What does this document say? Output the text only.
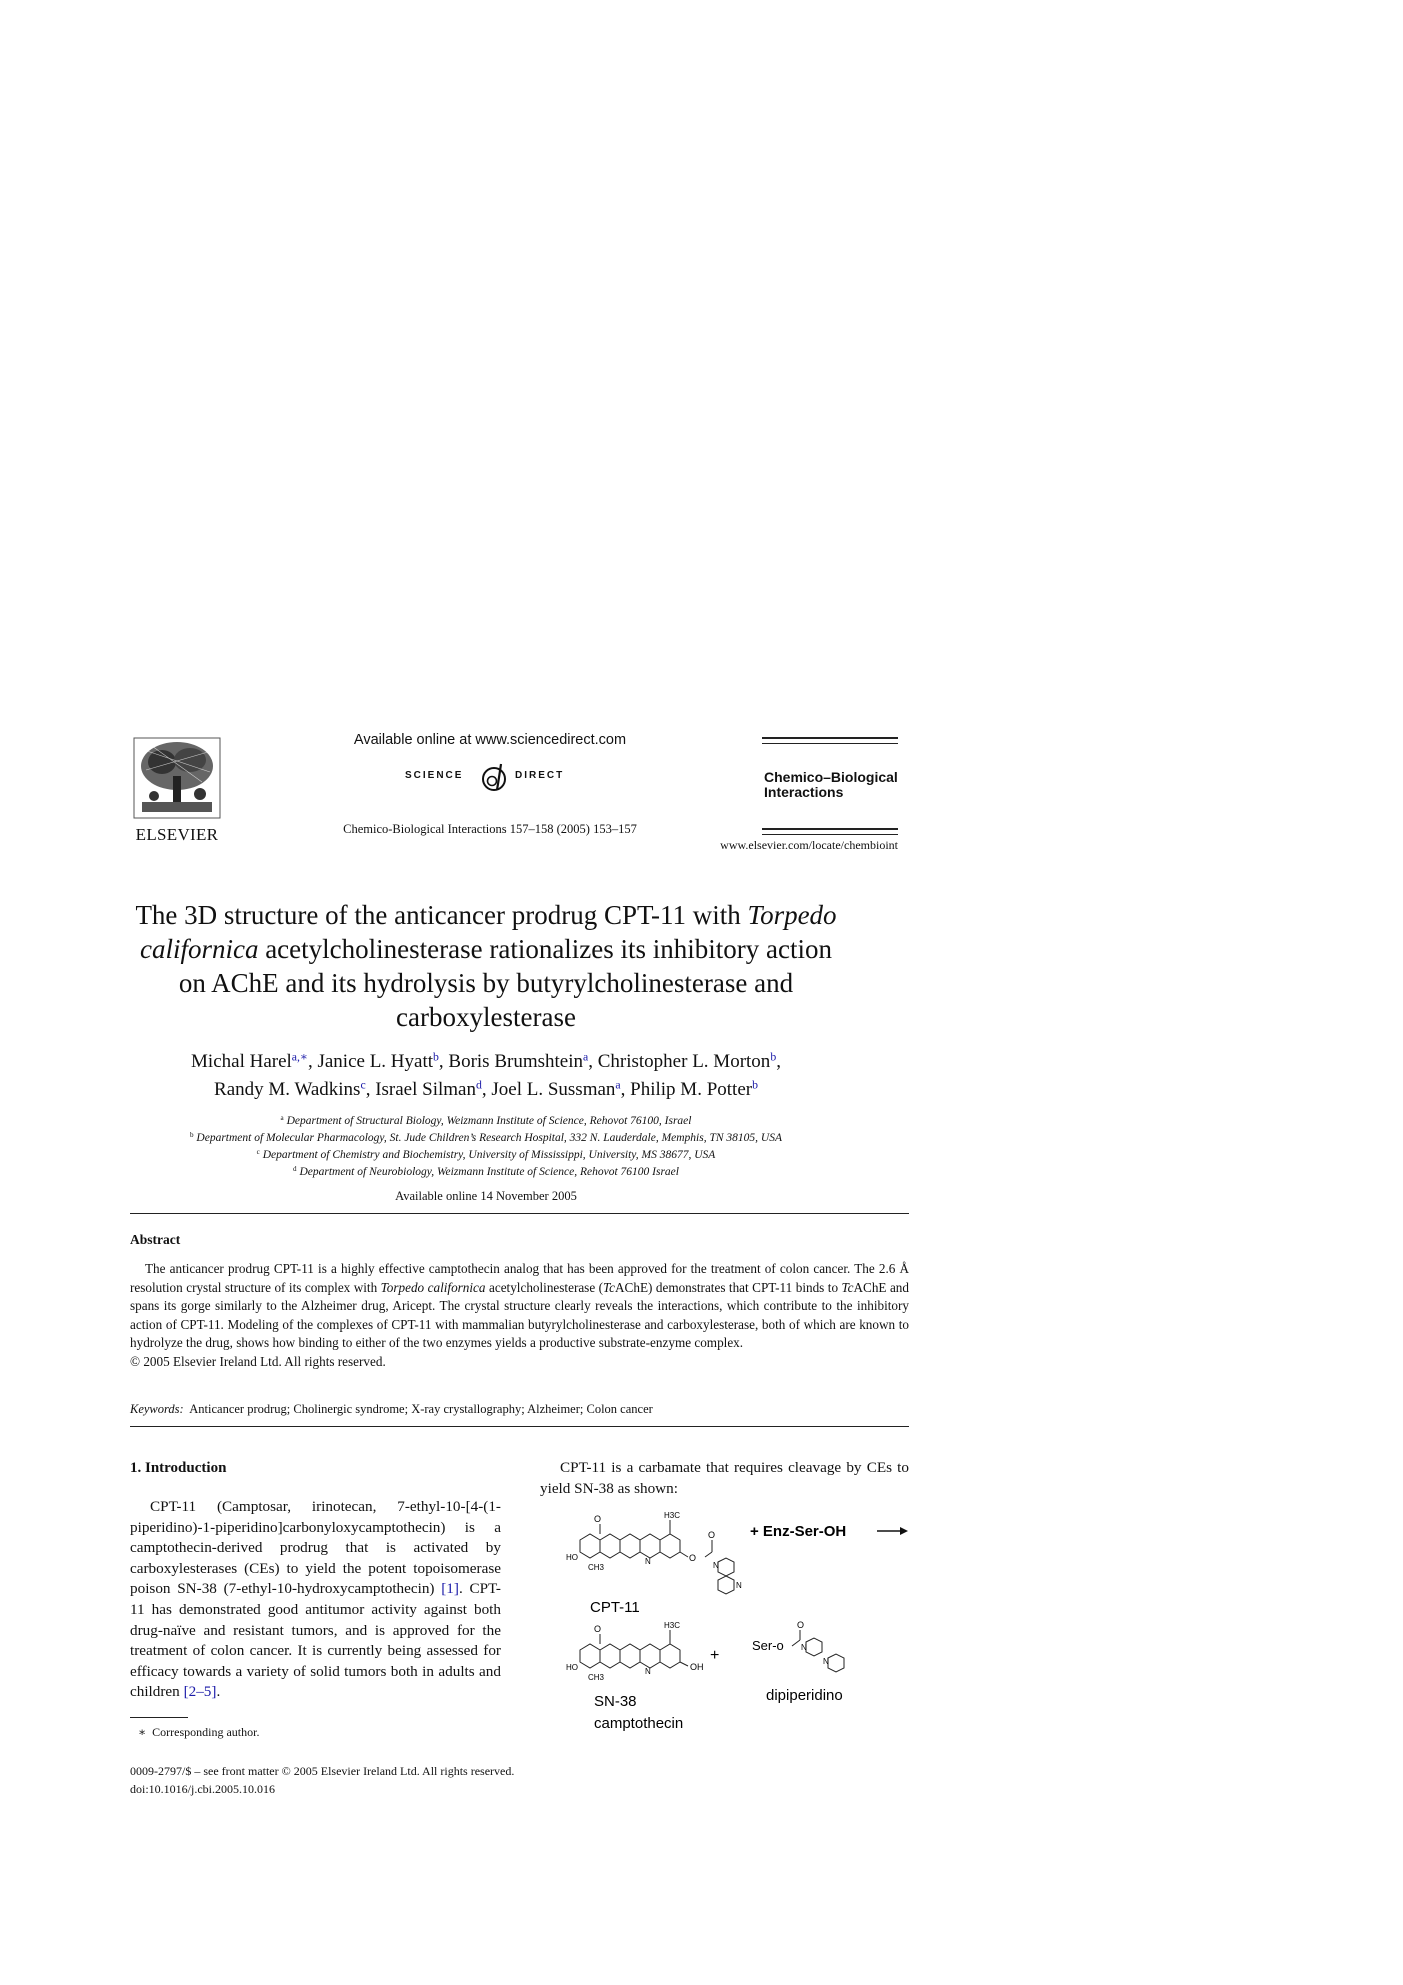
ELSEVIER
Available online at www.sciencedirect.com
SCIENCE	DIRECT
Chemico-Biological Interactions 157–158 (2005) 153–157
Chemico–Biological
Interactions
www.elsevier.com/locate/chembioint
The 3D structure of the anticancer prodrug CPT-11 with Torpedo californica acetylcholinesterase rationalizes its inhibitory action on AChE and its hydrolysis by butyrylcholinesterase and carboxylesterase
Michal Harel$^{a,∗}$, Janice L. Hyatt$^b$, Boris Brumshtein$^a$, Christopher L. Morton$^b$,
Randy M. Wadkins$^c$, Israel Silman$^d$, Joel L. Sussman$^a$, Philip M. Potter$^b$
$^a$ Department of Structural Biology, Weizmann Institute of Science, Rehovot 76100, Israel
$^b$ Department of Molecular Pharmacology, St. Jude Children’s Research Hospital, 332 N. Lauderdale, Memphis, TN 38105, USA
$^c$ Department of Chemistry and Biochemistry, University of Mississippi, University, MS 38677, USA
$^d$ Department of Neurobiology, Weizmann Institute of Science, Rehovot 76100 Israel
Available online 14 November 2005
Abstract
The anticancer prodrug CPT-11 is a highly effective camptothecin analog that has been approved for the treatment of colon cancer. The 2.6 Å resolution crystal structure of its complex with Torpedo californica acetylcholinesterase (TcAChE) demonstrates that CPT-11 binds to TcAChE and spans its gorge similarly to the Alzheimer drug, Aricept. The crystal structure clearly reveals the interactions, which contribute to the inhibitory action of CPT-11. Modeling of the complexes of CPT-11 with mammalian butyrylcholinesterase and carboxylesterase, both of which are known to hydrolyze the drug, shows how binding to either of the two enzymes yields a productive substrate-enzyme complex.
© 2005 Elsevier Ireland Ltd. All rights reserved.
Keywords: Anticancer prodrug; Cholinergic syndrome; X-ray crystallography; Alzheimer; Colon cancer
1. Introduction
CPT-11 (Camptosar, irinotecan, 7-ethyl-10-[4-(1-piperidino)-1-piperidino]carbonyloxycamptothecin) is a camptothecin-derived prodrug that is activated by carboxylesterases (CEs) to yield the potent topoisomerase poison SN-38 (7-ethyl-10-hydroxycamptothecin) [1]. CPT-11 has demonstrated good antitumor activity against both drug-naïve and resistant tumors, and is approved for the treatment of colon cancer. It is currently being assessed for efficacy towards a variety of solid tumors both in adults and children [2–5].
CPT-11 is a carbamate that requires cleavage by CEs to yield SN-38 as shown:
O
HO
CH3
H3C
N	O
O
N
N
+ Enz-Ser-OH
CPT-11
O
HO
CH3
H3C
N	OH
+
Ser-o
O
N
N
SN-38
camptothecin
dipiperidino
∗ Corresponding author.
0009-2797/$ – see front matter © 2005 Elsevier Ireland Ltd. All rights reserved.
doi:10.1016/j.cbi.2005.10.016
